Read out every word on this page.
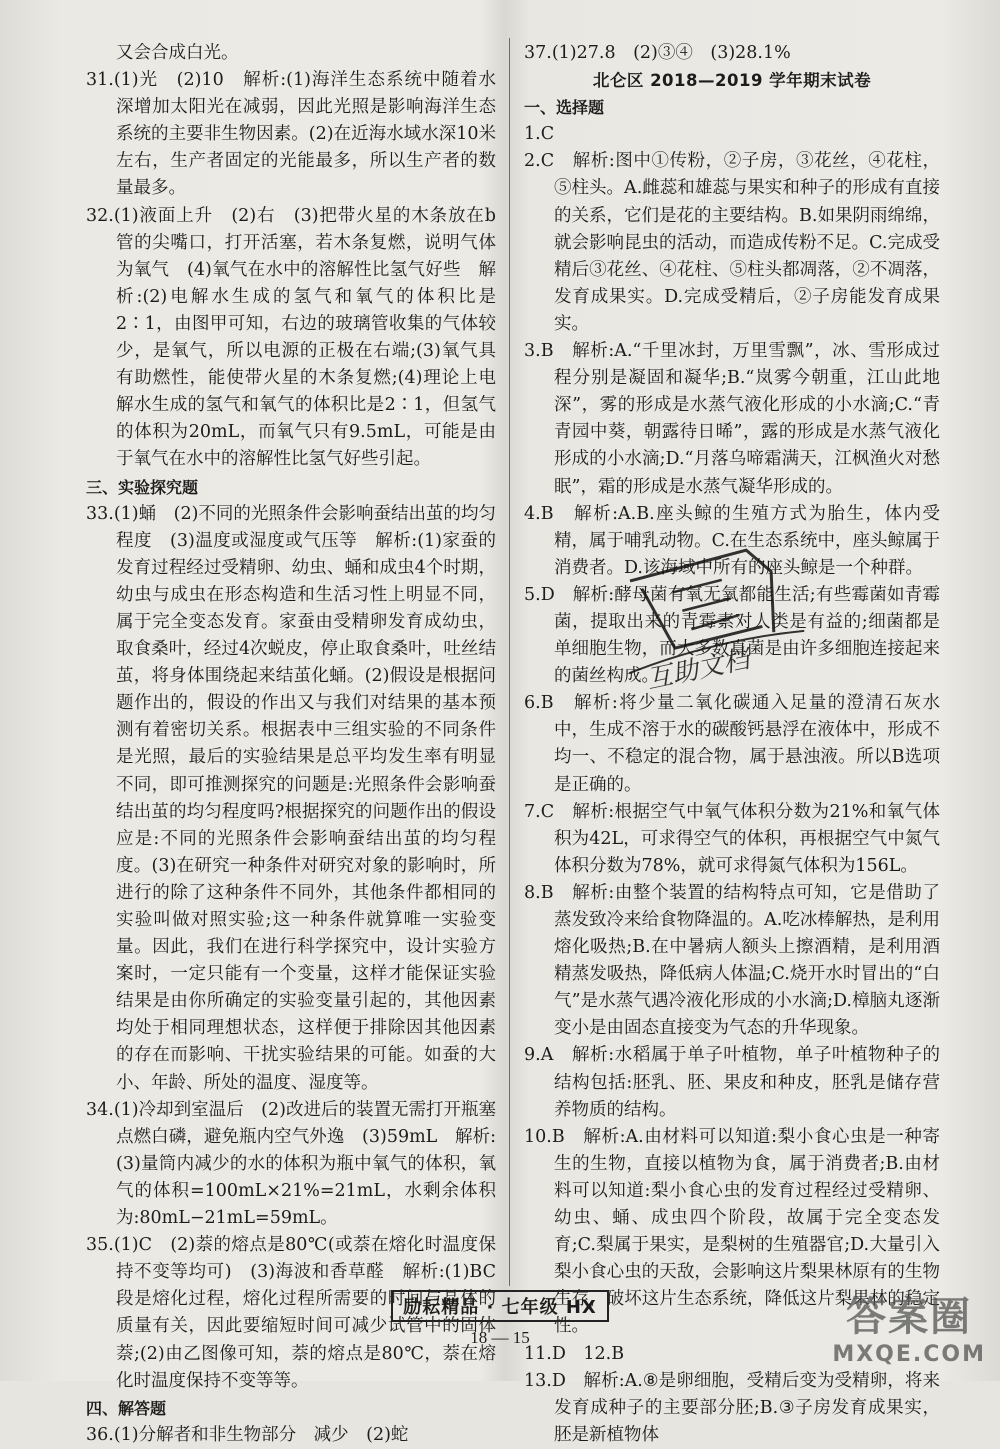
又会合成白光。

31.(1)光　(2)10　解析:(1)海洋生态系统中随着水深增加太阳光在减弱，因此光照是影响海洋生态系统的主要非生物因素。(2)在近海水域水深10米左右，生产者固定的光能最多，所以生产者的数量最多。

32.(1)液面上升　(2)右　(3)把带火星的木条放在b管的尖嘴口，打开活塞，若木条复燃，说明气体为氧气　(4)氧气在水中的溶解性比氢气好些　解析:(2)电解水生成的氢气和氧气的体积比是2∶1，由图甲可知，右边的玻璃管收集的气体较少，是氧气，所以电源的正极在右端;(3)氧气具有助燃性，能使带火星的木条复燃;(4)理论上电解水生成的氢气和氧气的体积比是2∶1，但氢气的体积为20mL，而氧气只有9.5mL，可能是由于氧气在水中的溶解性比氢气好些引起。

三、实验探究题

33.(1)蛹　(2)不同的光照条件会影响蚕结出茧的均匀程度　(3)温度或湿度或气压等　解析:(1)家蚕的发育过程经过受精卵、幼虫、蛹和成虫4个时期，幼虫与成虫在形态构造和生活习性上明显不同，属于完全变态发育。家蚕由受精卵发育成幼虫，取食桑叶，经过4次蜕皮，停止取食桑叶，吐丝结茧，将身体围绕起来结茧化蛹。(2)假设是根据问题作出的，假设的作出又与我们对结果的基本预测有着密切关系。根据表中三组实验的不同条件是光照，最后的实验结果是总平均发生率有明显不同，即可推测探究的问题是:光照条件会影响蚕结出茧的均匀程度吗?根据探究的问题作出的假设应是:不同的光照条件会影响蚕结出茧的均匀程度。(3)在研究一种条件对研究对象的影响时，所进行的除了这种条件不同外，其他条件都相同的实验叫做对照实验;这一种条件就算唯一实验变量。因此，我们在进行科学探究中，设计实验方案时，一定只能有一个变量，这样才能保证实验结果是由你所确定的实验变量引起的，其他因素均处于相同理想状态，这样便于排除因其他因素的存在而影响、干扰实验结果的可能。如蚕的大小、年龄、所处的温度、湿度等。

34.(1)冷却到室温后　(2)改进后的装置无需打开瓶塞点燃白磷，避免瓶内空气外逸　(3)59mL　解析:(3)量筒内减少的水的体积为瓶中氧气的体积，氧气的体积=100mL×21%=21mL，水剩余体积为:80mL−21mL=59mL。

35.(1)C　(2)萘的熔点是80℃(或萘在熔化时温度保持不变等均可)　(3)海波和香草醛　解析:(1)BC段是熔化过程，熔化过程所需要的时间与晶体的质量有关，因此要缩短时间可减少试管中的固体萘;(2)由乙图像可知，萘的熔点是80℃，萘在熔化时温度保持不变等等。

四、解答题

36.(1)分解者和非生物部分　减少　(2)蛇

37.(1)27.8　(2)③④　(3)28.1%

北仑区 2018—2019 学年期末试卷

一、选择题

1.C

2.C　解析:图中①传粉，②子房，③花丝，④花柱，⑤柱头。A.雌蕊和雄蕊与果实和种子的形成有直接的关系，它们是花的主要结构。B.如果阴雨绵绵，就会影响昆虫的活动，而造成传粉不足。C.完成受精后③花丝、④花柱、⑤柱头都凋落，②不凋落，发育成果实。D.完成受精后，②子房能发育成果实。

3.B　解析:A.“千里冰封，万里雪飘”，冰、雪形成过程分别是凝固和凝华;B.“岚雾今朝重，江山此地深”，雾的形成是水蒸气液化形成的小水滴;C.“青青园中葵，朝露待日晞”，露的形成是水蒸气液化形成的小水滴;D.“月落乌啼霜满天，江枫渔火对愁眠”，霜的形成是水蒸气凝华形成的。

4.B　解析:A.B.座头鲸的生殖方式为胎生，体内受精，属于哺乳动物。C.在生态系统中，座头鲸属于消费者。D.该海域中所有的座头鲸是一个种群。

5.D　解析:酵母菌有氧无氧都能生活;有些霉菌如青霉菌，提取出来的青霉素对人类是有益的;细菌都是单细胞生物，而大多数真菌是由许多细胞连接起来的菌丝构成。

6.B　解析:将少量二氧化碳通入足量的澄清石灰水中，生成不溶于水的碳酸钙悬浮在液体中，形成不均一、不稳定的混合物，属于悬浊液。所以B选项是正确的。

7.C　解析:根据空气中氧气体积分数为21%和氧气体积为42L，可求得空气的体积，再根据空气中氮气体积分数为78%，就可求得氮气体积为156L。

8.B　解析:由整个装置的结构特点可知，它是借助了蒸发致冷来给食物降温的。A.吃冰棒解热，是利用熔化吸热;B.在中暑病人额头上擦酒精，是利用酒精蒸发吸热，降低病人体温;C.烧开水时冒出的“白气”是水蒸气遇冷液化形成的小水滴;D.樟脑丸逐渐变小是由固态直接变为气态的升华现象。

9.A　解析:水稻属于单子叶植物，单子叶植物种子的结构包括:胚乳、胚、果皮和种皮，胚乳是储存营养物质的结构。

10.B　解析:A.由材料可以知道:梨小食心虫是一种寄生的生物，直接以植物为食，属于消费者;B.由材料可以知道:梨小食心虫的发育过程经过受精卵、幼虫、蛹、成虫四个阶段，故属于完全变态发育;C.梨属于果实，是梨树的生殖器官;D.大量引入梨小食心虫的天敌，会影响这片梨果林原有的生物生存，破坏这片生态系统，降低这片梨果林的稳定性。

11.D　12.B

13.D　解析:A.⑧是卵细胞，受精后变为受精卵，将来发育成种子的主要部分胚;B.③子房发育成果实，胚是新植物体

互助文档
励耘精品 · 七年级 HX
18 — 15	答案圈
MXQE.COM
